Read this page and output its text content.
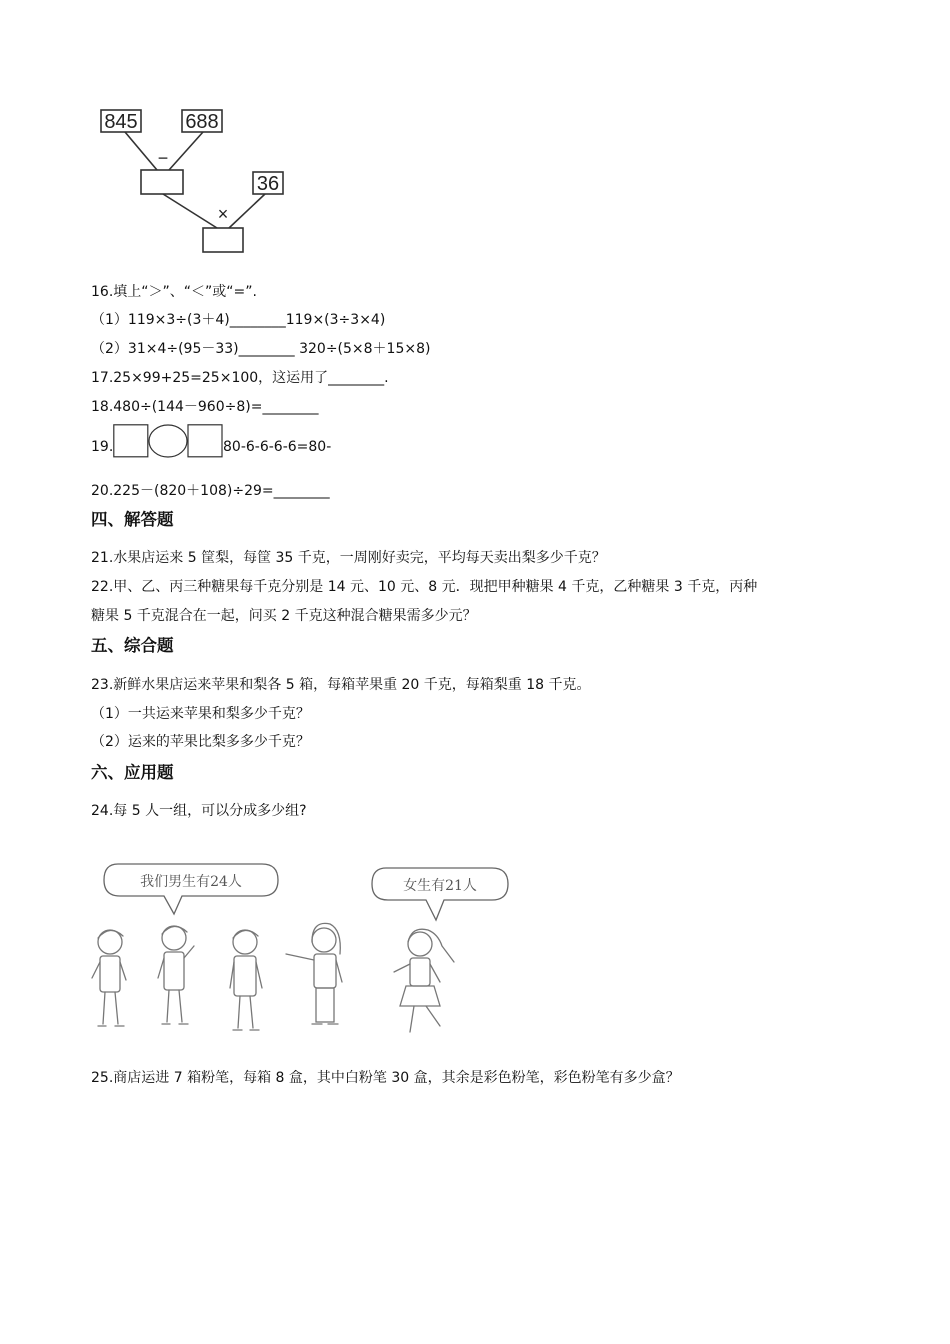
845 688
−
36
×
16.填上“＞”、“＜”或“=”.
（1）119×3÷(3＋4)________119×(3÷3×4)
（2）31×4÷(95－33)________ 320÷(5×8＋15×8)
17.25×99+25=25×100，这运用了________.
18.480÷(144－960÷8)=________
19.	80-6-6-6-6=80-
20.225－(820＋108)÷29=________
四、解答题
21.水果店运来 5 筐梨，每筐 35 千克，一周刚好卖完，平均每天卖出梨多少千克？
22.甲、乙、丙三种糖果每千克分别是 14 元、10 元、8 元．现把甲种糖果 4 千克，乙种糖果 3 千克，丙种
糖果 5 千克混合在一起，问买 2 千克这种混合糖果需多少元？
五、综合题
23.新鲜水果店运来苹果和梨各 5 箱，每箱苹果重 20 千克，每箱梨重 18 千克。
（1）一共运来苹果和梨多少千克？
（2）运来的苹果比梨多多少千克？
六、应用题
24.每 5 人一组，可以分成多少组?
我们男生有24人	女生有21人
25.商店运进 7 箱粉笔，每箱 8 盒，其中白粉笔 30 盒，其余是彩色粉笔，彩色粉笔有多少盒？
